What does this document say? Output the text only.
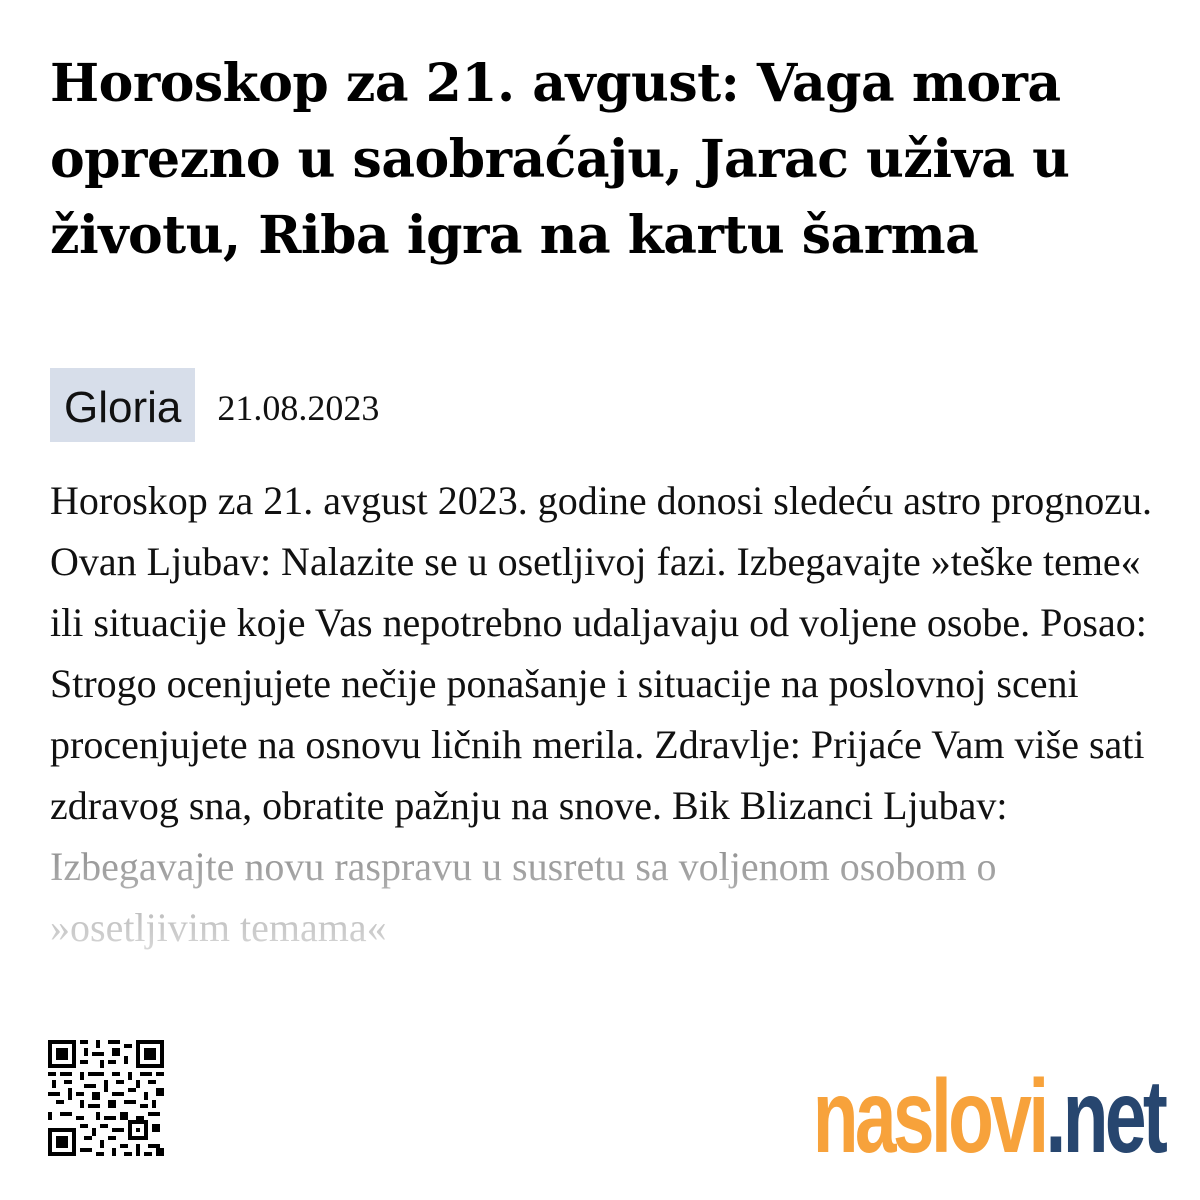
Horoskop za 21. avgust: Vaga mora oprezno u saobraćaju, Jarac uživa u životu, Riba igra na kartu šarma
Gloria	21.08.2023

Horoskop za 21. avgust 2023. godine donosi sledeću astro prognozu. Ovan Ljubav: Nalazite se u osetljivoj fazi. Izbegavajte »teške teme« ili situacije koje Vas nepotrebno udaljavaju od voljene osobe. Posao: Strogo ocenjujete nečije ponašanje i situacije na poslovnoj sceni procenjujete na osnovu ličnih merila. Zdravlje: Prijaće Vam više sati zdravog sna, obratite pažnju na snove. Bik Blizanci Ljubav:

naslovi.net
